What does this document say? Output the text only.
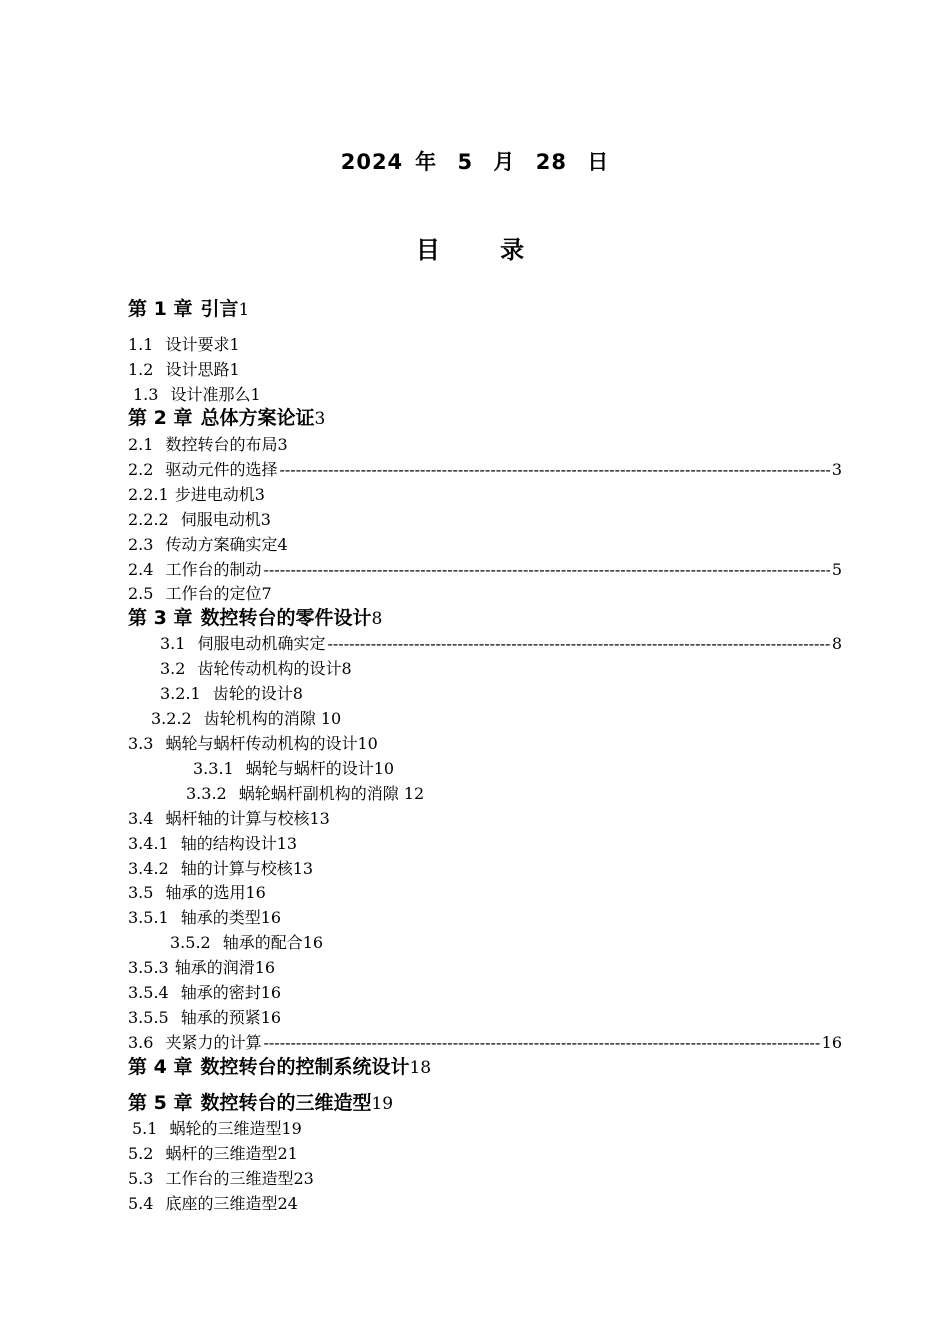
2024 年 5 月 28 日
目 录
第 1 章 引言1
1.1 设计要求1
1.2 设计思路1
1.3 设计准那么1
第 2 章 总体方案论证3
2.1 数控转台的布局3
2.2 驱动元件的选择 -----	3
2.2.1 步进电动机3
2.2.2 伺服电动机3
2.3 传动方案确实定4
2.4 工作台的制动 -----	5
2.5 工作台的定位7
第 3 章 数控转台的零件设计8
3.1 伺服电动机确实定 -----	8
3.2 齿轮传动机构的设计8
3.2.1 齿轮的设计8
3.2.2 齿轮机构的消隙 10
3.3 蜗轮与蜗杆传动机构的设计10
3.3.1 蜗轮与蜗杆的设计10
3.3.2 蜗轮蜗杆副机构的消隙 12
3.4 蜗杆轴的计算与校核13
3.4.1 轴的结构设计13
3.4.2 轴的计算与校核13
3.5 轴承的选用16
3.5.1 轴承的类型16
3.5.2 轴承的配合16
3.5.3 轴承的润滑16
3.5.4 轴承的密封16
3.5.5 轴承的预紧16
3.6 夹紧力的计算 -----	16
第 4 章 数控转台的控制系统设计18
第 5 章 数控转台的三维造型19
5.1 蜗轮的三维造型19
5.2 蜗杆的三维造型21
5.3 工作台的三维造型23
5.4 底座的三维造型24
